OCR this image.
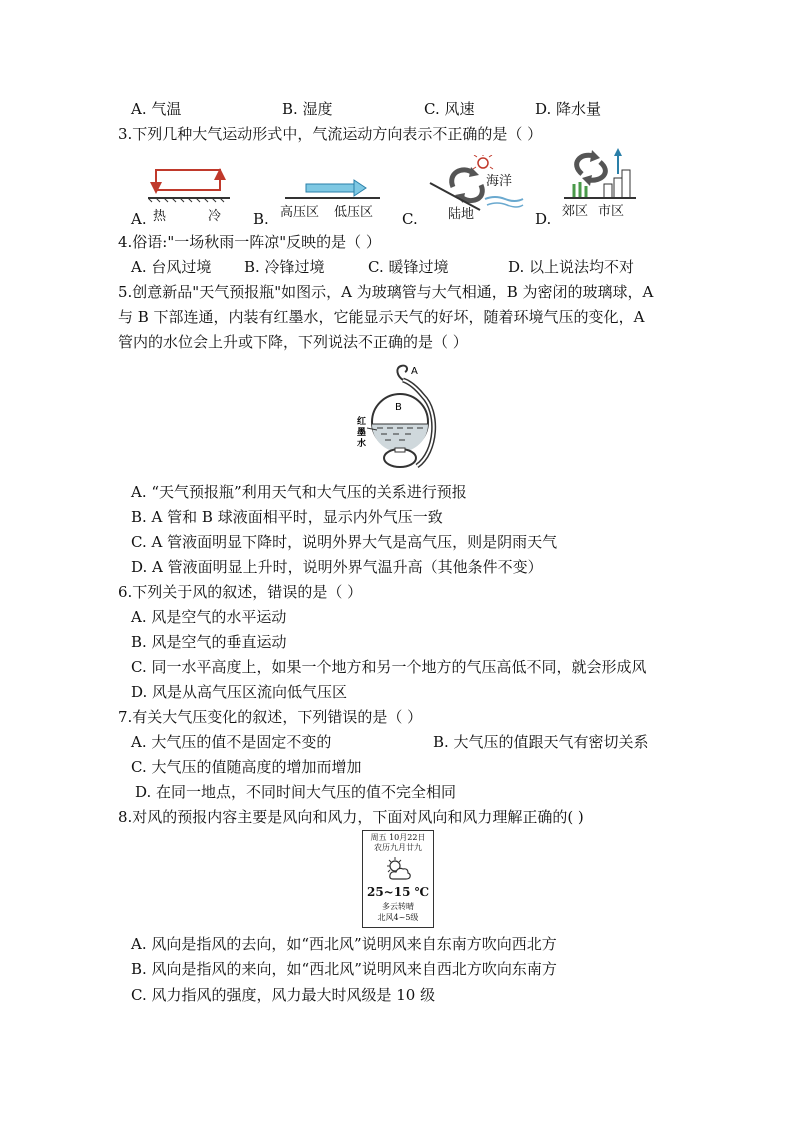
A. 气温	B. 湿度	C. 风速	D. 降水量
3.下列几种大气运动形式中，气流运动方向表示不正确的是（ ）
A. 热	冷 B. 高压区 低压区 C.
海洋
陆地	D. 郊区 市区
4.俗语:"一场秋雨一阵凉"反映的是（ ）
A. 台风过境 B. 冷锋过境	C. 暖锋过境	D. 以上说法均不对
5.创意新品"天气预报瓶"如图示，A 为玻璃管与大气相通，B 为密闭的玻璃球，A
与 B 下部连通，内装有红墨水，它能显示天气的好坏，随着环境气压的变化，A
管内的水位会上升或下降，下列说法不正确的是（ ）
A
B
红
墨
水
A. “天气预报瓶”利用天气和大气压的关系进行预报
B. A 管和 B 球液面相平时，显示内外气压一致
C. A 管液面明显下降时，说明外界大气是高气压，则是阴雨天气
D. A 管液面明显上升时，说明外界气温升高（其他条件不变）
6.下列关于风的叙述，错误的是（ ）
A. 风是空气的水平运动
B. 风是空气的垂直运动
C. 同一水平高度上，如果一个地方和另一个地方的气压高低不同，就会形成风
D. 风是从高气压区流向低气压区
7.有关大气压变化的叙述，下列错误的是（ ）
A. 大气压的值不是固定不变的	B. 大气压的值跟天气有密切关系
C. 大气压的值随高度的增加而增加
D. 在同一地点，不同时间大气压的值不完全相同
8.对风的预报内容主要是风向和风力，下面对风向和风力理解正确的( )
周五 10月22日
农历九月廿九
25~15 ℃
多云转晴
北风4~5级
A. 风向是指风的去向，如“西北风”说明风来自东南方吹向西北方
B. 风向是指风的来向，如“西北风”说明风来自西北方吹向东南方
C. 风力指风的强度，风力最大时风级是 10 级
